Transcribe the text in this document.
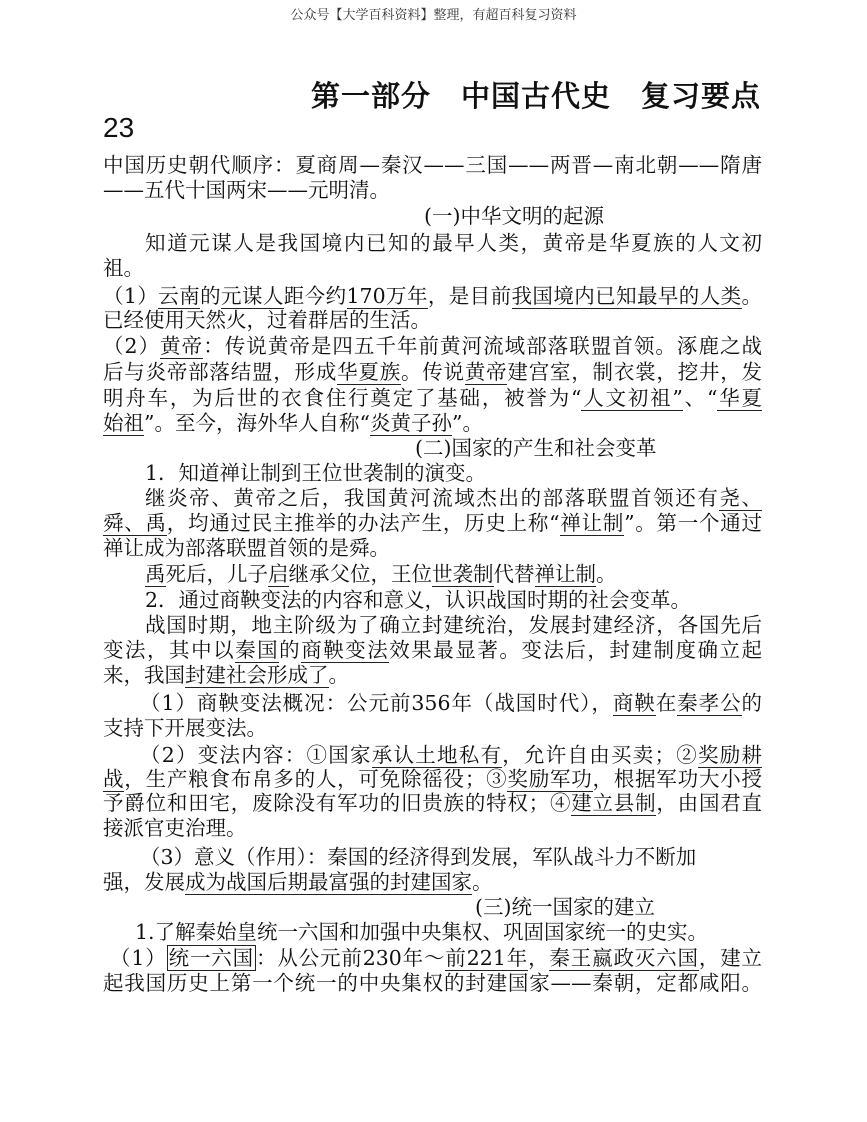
公众号【大学百科资料】整理，有超百科复习资料
第一部分　中国古代史　复习要点
23
中国历史朝代顺序：夏商周—秦汉——三国——两晋—南北朝——隋唐
——五代十国两宋——元明清。
(一)中华文明的起源
知道元谋人是我国境内已知的最早人类，黄帝是华夏族的人文初
祖。
（1）云南的元谋人距今约170万年，是目前我国境内已知最早的人类。
已经使用天然火，过着群居的生活。
（2）黄帝：传说黄帝是四五千年前黄河流域部落联盟首领。涿鹿之战
后与炎帝部落结盟，形成华夏族。传说黄帝建宫室，制衣裳，挖井，发
明舟车，为后世的衣食住行奠定了基础，被誉为“人文初祖”、“华夏
始祖”。至今，海外华人自称“炎黄子孙”。
(二)国家的产生和社会变革
1．知道禅让制到王位世袭制的演变。
继炎帝、黄帝之后，我国黄河流域杰出的部落联盟首领还有尧、
舜、禹，均通过民主推举的办法产生，历史上称“禅让制”。第一个通过
禅让成为部落联盟首领的是舜。
禹死后，儿子启继承父位，王位世袭制代替禅让制。
2．通过商鞅变法的内容和意义，认识战国时期的社会变革。
战国时期，地主阶级为了确立封建统治，发展封建经济，各国先后
变法，其中以秦国的商鞅变法效果最显著。变法后，封建制度确立起
来，我国封建社会形成了。
（1）商鞅变法概况：公元前356年（战国时代），商鞅在秦孝公的
支持下开展变法。
（2）变法内容：①国家承认土地私有，允许自由买卖；②奖励耕
战，生产粮食布帛多的人，可免除徭役；③奖励军功，根据军功大小授
予爵位和田宅，废除没有军功的旧贵族的特权；④建立县制，由国君直
接派官吏治理。
（3）意义（作用）：秦国的经济得到发展，军队战斗力不断加
强，发展成为战国后期最富强的封建国家。
(三)统一国家的建立
1.了解秦始皇统一六国和加强中央集权、巩固国家统一的史实。
（1）统一六国：从公元前230年～前221年，秦王嬴政灭六国，建立
起我国历史上第一个统一的中央集权的封建国家——秦朝，定都咸阳。
